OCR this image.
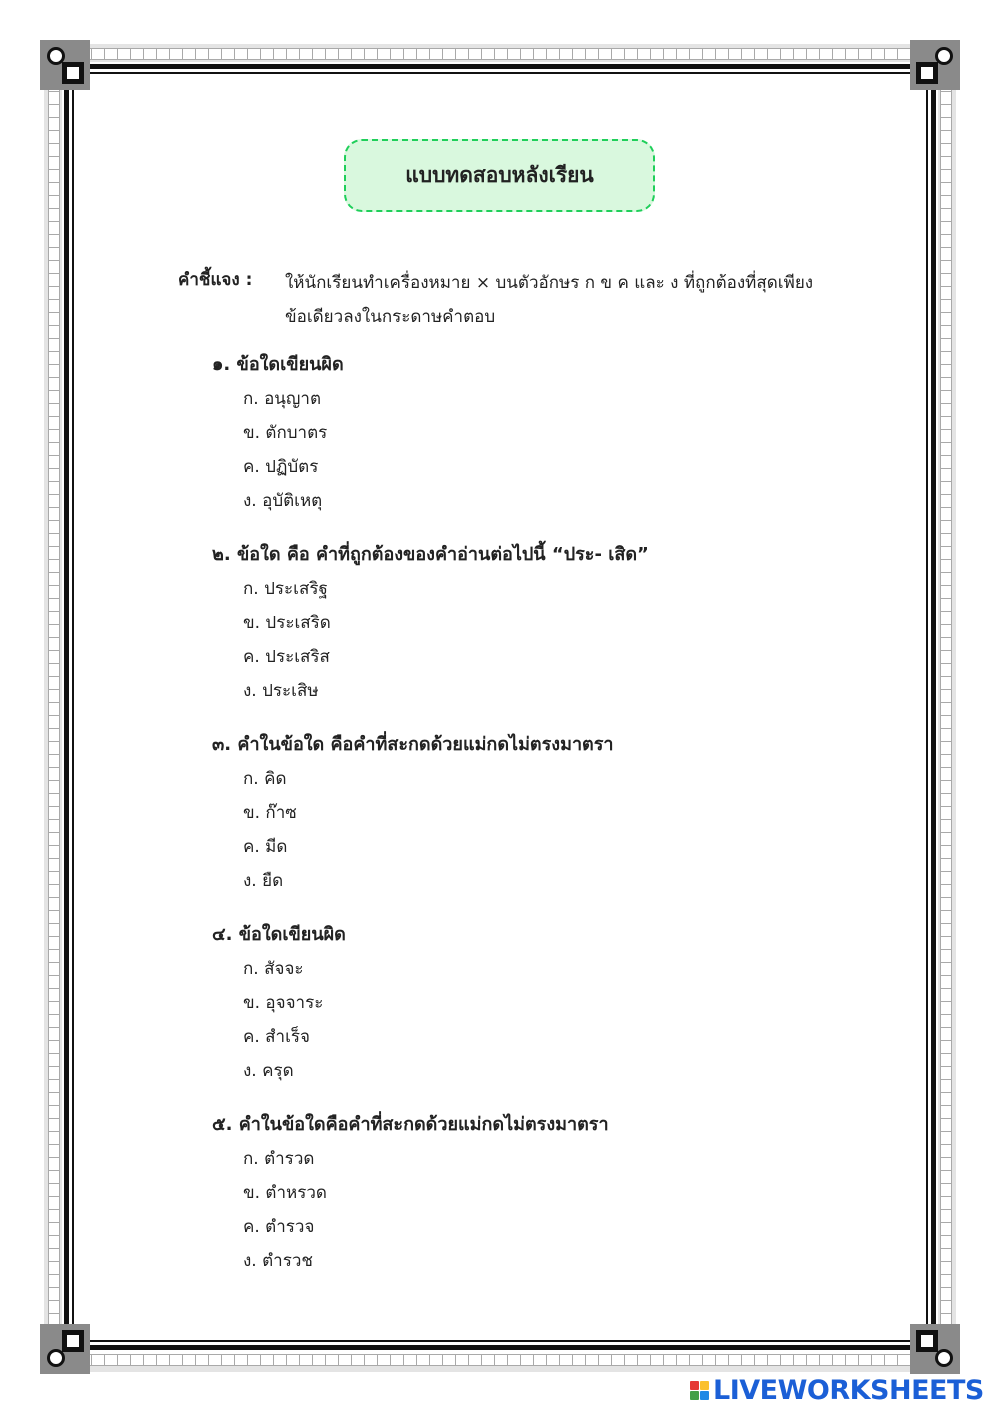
แบบทดสอบหลังเรียน
คำชี้แจง : ให้นักเรียนทำเครื่องหมาย × บนตัวอักษร ก ข ค และ ง ที่ถูกต้องที่สุดเพียง
ข้อเดียวลงในกระดาษคำตอบ
๑. ข้อใดเขียนผิด
ก. อนุญาต
ข. ตักบาตร
ค. ปฏิบัตร
ง. อุบัติเหตุ
๒. ข้อใด คือ คำที่ถูกต้องของคำอ่านต่อไปนี้ “ประ- เสิด”
ก. ประเสริฐ
ข. ประเสริด
ค. ประเสริส
ง. ประเสิษ
๓. คำในข้อใด คือคำที่สะกดด้วยแม่กดไม่ตรงมาตรา
ก. คิด
ข. ก๊าซ
ค. มีด
ง. ยืด
๔. ข้อใดเขียนผิด
ก. สัจจะ
ข. อุจจาระ
ค. สำเร็จ
ง. ครุด
๕. คำในข้อใดคือคำที่สะกดด้วยแม่กดไม่ตรงมาตรา
ก. ตำรวด
ข. ตำหรวด
ค. ตำรวจ
ง. ตำรวช
LIVEWORKSHEETS
